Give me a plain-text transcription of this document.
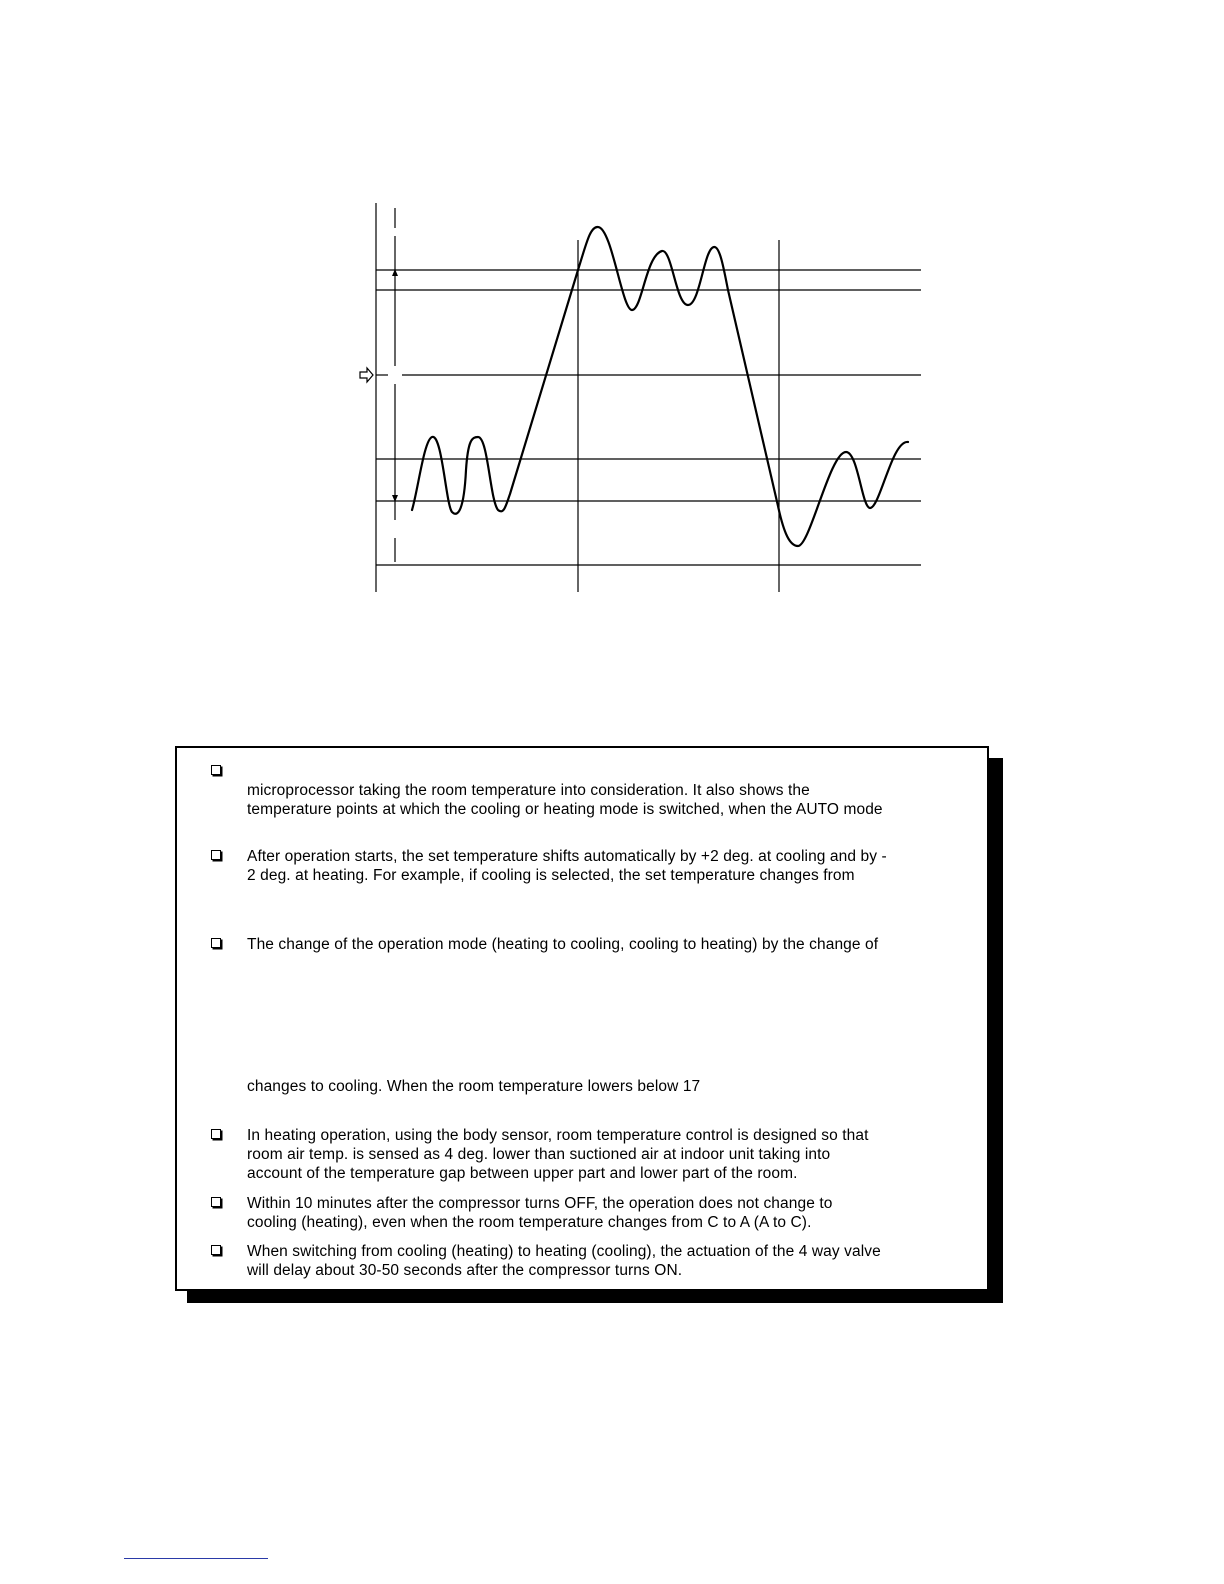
microprocessor taking the room temperature into consideration. It also shows the
temperature points at which the cooling or heating mode is switched, when the AUTO mode
After operation starts, the set temperature shifts automatically by +2 deg. at cooling and by -
2 deg. at heating. For example, if cooling is selected, the set temperature changes from
The change of the operation mode (heating to cooling, cooling to heating) by the change of
changes to cooling. When the room temperature lowers below 17
In heating operation, using the body sensor, room temperature control is designed so that
room air temp. is sensed as 4 deg. lower than suctioned air at indoor unit taking into
account of the temperature gap between upper part and lower part of the room.
Within 10 minutes after the compressor turns OFF, the operation does not change to
cooling (heating), even when the room temperature changes from C to A (A to C).
When switching from cooling (heating) to heating (cooling), the actuation of the 4 way valve
will delay about 30-50 seconds after the compressor turns ON.
